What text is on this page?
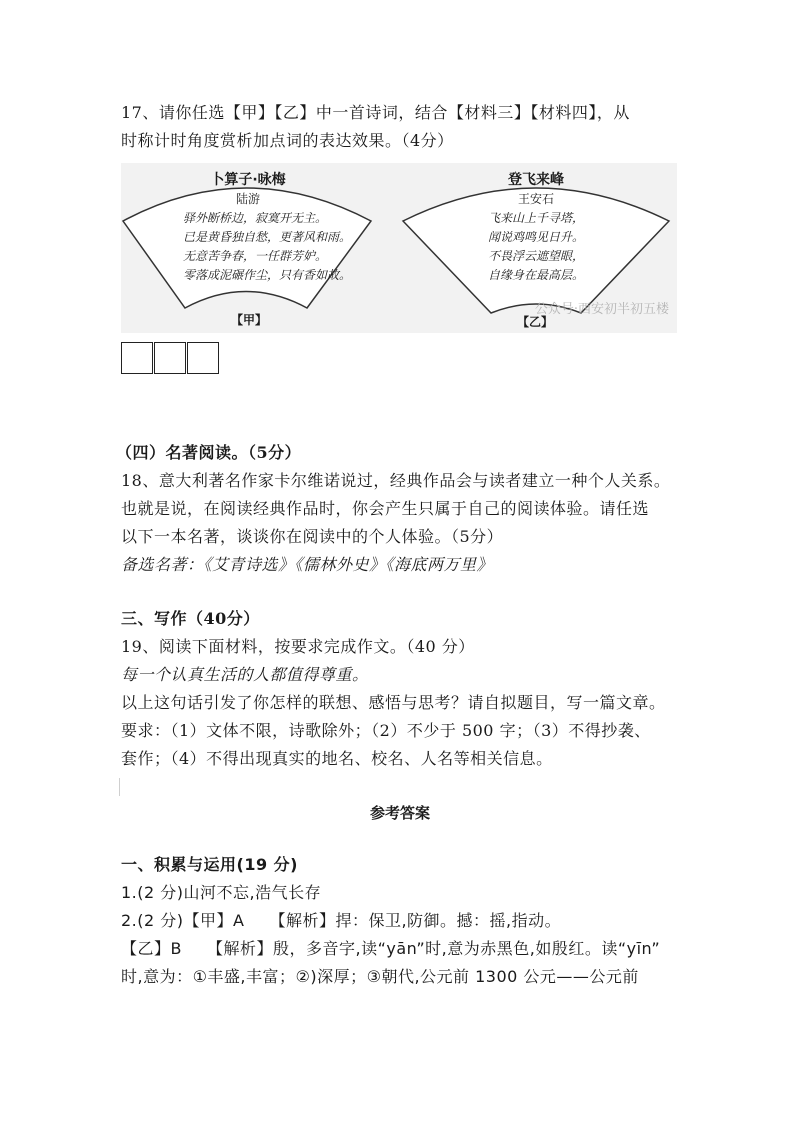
17、请你任选【甲】【乙】中一首诗词，结合【材料三】【材料四】，从
时称计时角度赏析加点词的表达效果。（4分）
卜算子·咏梅
陆游
驿外断桥边，寂寞开无主。
已是黄昏独自愁，更著风和雨。
无意苦争春，一任群芳妒。
零落成泥碾作尘，只有香如故。
【甲】
登飞来峰
王安石
飞来山上千寻塔，
闻说鸡鸣见日升。
不畏浮云遮望眼，
自缘身在最高层。
【乙】
公众号·西安初半初五楼
（四）名著阅读。（5分）
18、意大利著名作家卡尔维诺说过，经典作品会与读者建立一种个人关系。
也就是说，在阅读经典作品时，你会产生只属于自己的阅读体验。请任选
以下一本名著，谈谈你在阅读中的个人体验。（5分）
备选名著：《艾青诗选》《儒林外史》《海底两万里》
三、写作（40分）
19、阅读下面材料，按要求完成作文。（40 分）
每一个认真生活的人都值得尊重。
以上这句话引发了你怎样的联想、感悟与思考？请自拟题目，写一篇文章。
要求：（1）文体不限，诗歌除外；（2）不少于 500 字；（3）不得抄袭、
套作；（4）不得出现真实的地名、校名、人名等相关信息。
参考答案
一、积累与运用(19 分)
1.(2 分)山河不忘,浩气长存
2.(2 分)【甲】A　　【解析】捍：保卫,防御。撼：摇,指动。
【乙】B　　【解析】殷，多音字,读“yān”时,意为赤黑色,如殷红。读“yīn”
时,意为：①丰盛,丰富；②)深厚；③朝代,公元前 1300 公元——公元前
